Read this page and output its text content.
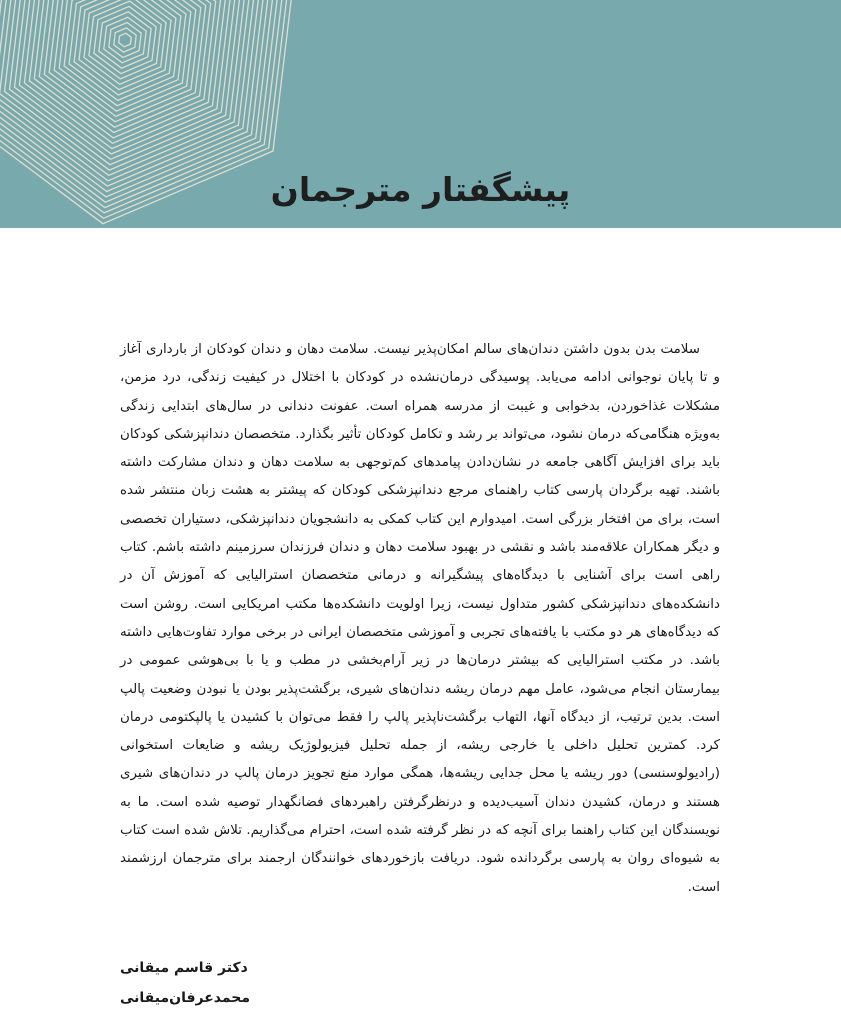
پیشگفتار مترجمان

سلامت بدن بدون داشتن دندان‌های سالم امکان‌پذیر نیست. سلامت دهان و دندان کودکان از بارداری آغاز و تا پایان نوجوانی ادامه می‌یابد. پوسیدگی درمان‌نشده در کودکان با اختلال در کیفیت زندگی، درد مزمن، مشکلات غذاخوردن، بدخوابی و غیبت از مدرسه همراه است. عفونت دندانی در سال‌های ابتدایی زندگی به‌ویژه هنگامی‌که درمان نشود، می‌تواند بر رشد و تکامل کودکان تأثیر بگذارد. متخصصان دندانپزشکی کودکان باید برای افزایش آگاهی جامعه در نشان‌دادن پیامدهای کم‌توجهی به سلامت دهان و دندان مشارکت داشته باشند. تهیه برگردان پارسی کتاب راهنمای مرجع دندانپزشکی کودکان که پیشتر به هشت زبان منتشر شده است، برای من افتخار بزرگی است. امیدوارم این کتاب کمکی به دانشجویان دندانپزشکی، دستیاران تخصصی و دیگر همکاران علاقه‌مند باشد و نقشی در بهبود سلامت دهان و دندان فرزندان سرزمینم داشته باشم. کتاب راهی است برای آشنایی با دیدگاه‌های پیشگیرانه و درمانی متخصصان استرالیایی که آموزش آن در دانشکده‌های دندانپزشکی کشور متداول نیست، زیرا اولویت دانشکده‌ها مکتب امریکایی است. روشن است که دیدگاه‌های هر دو مکتب با یافته‌های تجربی و آموزشی متخصصان ایرانی در برخی موارد تفاوت‌هایی داشته باشد. در مکتب استرالیایی که بیشتر درمان‌ها در زیر آرام‌بخشی در مطب و یا با بی‌هوشی عمومی در بیمارستان انجام می‌شود، عامل مهم درمان ریشه دندان‌های شیری، برگشت‌پذیر بودن یا نبودن وضعیت پالپ است. بدین ترتیب، از دیدگاه آنها، التهاب برگشت‌ناپذیر پالپ را فقط می‌توان با کشیدن یا پالپکتومی درمان کرد. کمترین تحلیل داخلی یا خارجی ریشه، از جمله تحلیل فیزیولوژیک ریشه و ضایعات استخوانی (رادیولوسنسی) دور ریشه یا محل جدایی ریشه‌ها، همگی موارد منع تجویز درمان پالپ در دندان‌های شیری هستند و درمان، کشیدن دندان آسیب‌دیده و درنظرگرفتن راهبردهای فضانگهدار توصیه شده است. ما به نویسندگان این کتاب راهنما برای آنچه که در نظر گرفته شده است، احترام می‌گذاریم. تلاش شده است کتاب به شیوه‌ای روان به پارسی برگردانده شود. دریافت بازخوردهای خوانندگان ارجمند برای مترجمان ارزشمند است.

دکتر قاسم میقانی

محمدعرفان‌میقانی
